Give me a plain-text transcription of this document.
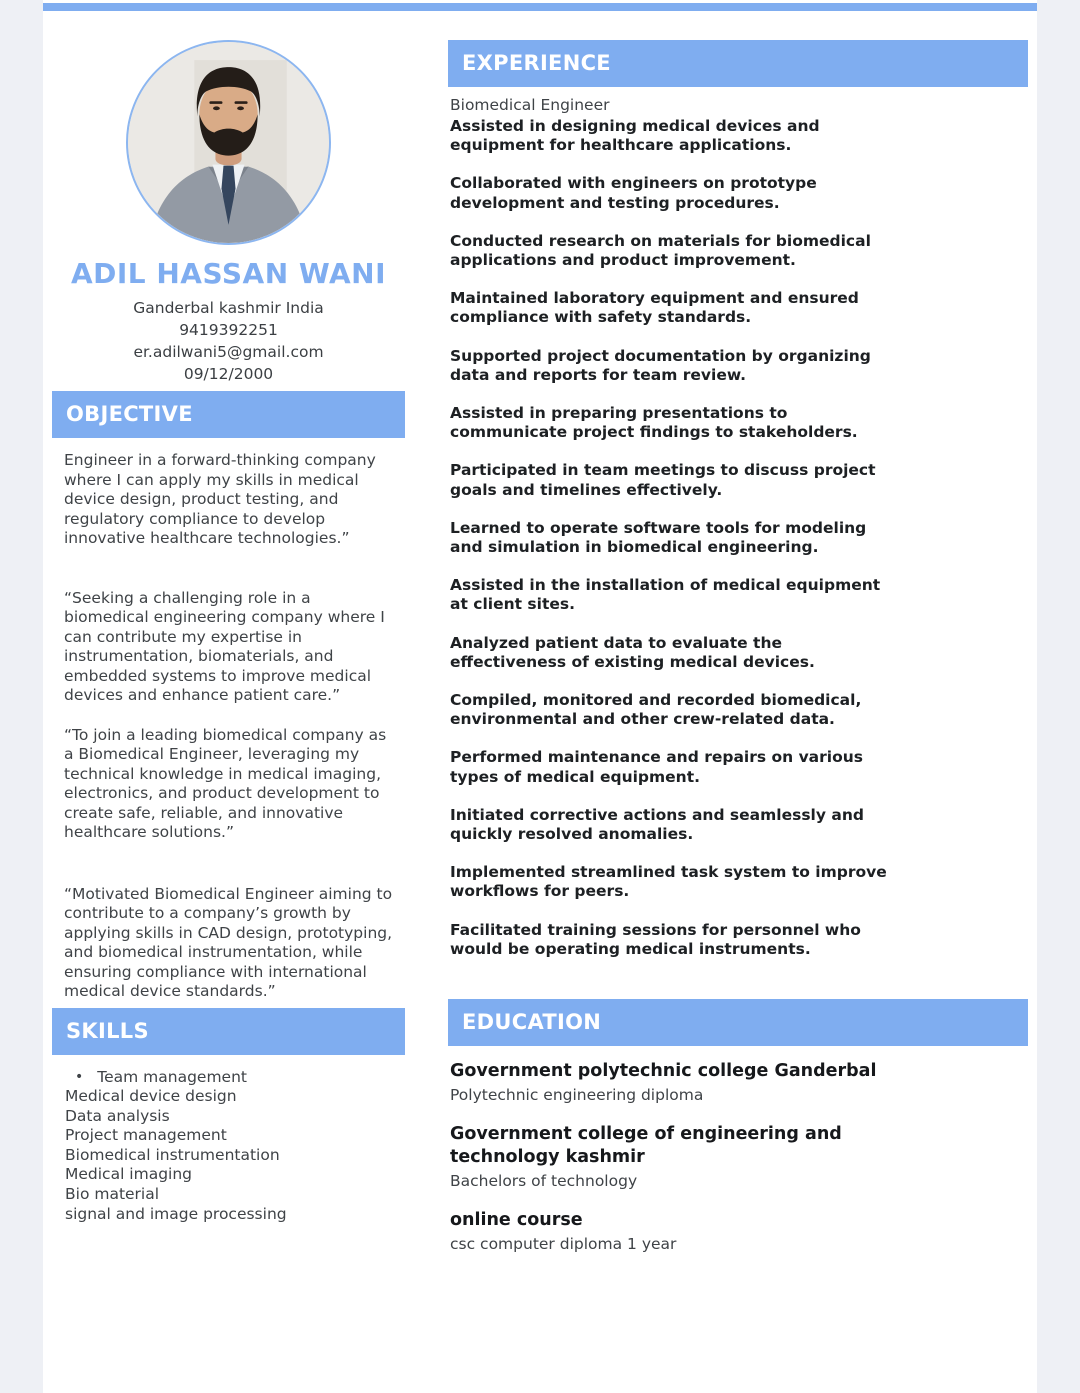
ADIL HASSAN WANI
Ganderbal kashmir India
9419392251
er.adilwani5@gmail.com
09/12/2000
OBJECTIVE

Engineer in a forward-thinking company where I can apply my skills in medical device design, product testing, and regulatory compliance to develop innovative healthcare technologies.”

“Seeking a challenging role in a biomedical engineering company where I can contribute my expertise in instrumentation, biomaterials, and embedded systems to improve medical devices and enhance patient care.”

“To join a leading biomedical company as a Biomedical Engineer, leveraging my technical knowledge in medical imaging, electronics, and product development to create safe, reliable, and innovative healthcare solutions.”

“Motivated Biomedical Engineer aiming to contribute to a company’s growth by applying skills in CAD design, prototyping, and biomedical instrumentation, while ensuring compliance with international medical device standards.”

SKILLS
• Team management
Medical device design
Data analysis
Project management
Biomedical instrumentation
Medical imaging
Bio material
signal and image processing
EXPERIENCE
Biomedical Engineer

Assisted in designing medical devices and equipment for healthcare applications.

Collaborated with engineers on prototype development and testing procedures.

Conducted research on materials for biomedical applications and product improvement.

Maintained laboratory equipment and ensured compliance with safety standards.

Supported project documentation by organizing data and reports for team review.

Assisted in preparing presentations to communicate project findings to stakeholders.

Participated in team meetings to discuss project goals and timelines effectively.

Learned to operate software tools for modeling and simulation in biomedical engineering.

Assisted in the installation of medical equipment at client sites.

Analyzed patient data to evaluate the effectiveness of existing medical devices.

Compiled, monitored and recorded biomedical, environmental and other crew-related data.

Performed maintenance and repairs on various types of medical equipment.

Initiated corrective actions and seamlessly and quickly resolved anomalies.

Implemented streamlined task system to improve workflows for peers.

Facilitated training sessions for personnel who would be operating medical instruments.

EDUCATION
Government polytechnic college Ganderbal
Polytechnic engineering diploma
Government college of engineering and technology kashmir
Bachelors of technology
online course
csc computer diploma 1 year
